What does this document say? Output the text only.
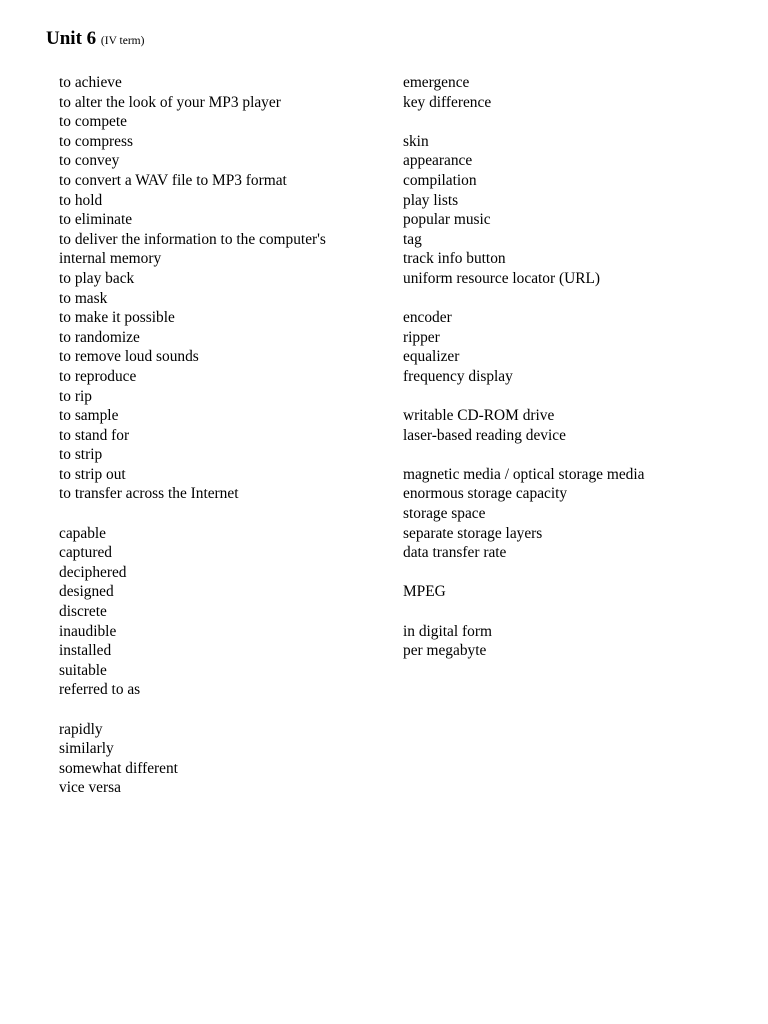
Unit 6 (IV term)
to achieve
to alter the look of your MP3 player
to compete
to compress
to convey
to convert a WAV file to MP3 format
to hold
to eliminate
to deliver the information to the computer's
internal memory
to play back
to mask
to make it possible
to randomize
to remove loud sounds
to reproduce
to rip
to sample
to stand for
to strip
to strip out
to transfer across the Internet
capable
captured
deciphered
designed
discrete
inaudible
installed
suitable
referred to as
rapidly
similarly
somewhat different
vice versa
emergence
key difference
skin
appearance
compilation
play lists
popular music
tag
track info button
uniform resource locator (URL)
encoder
ripper
equalizer
frequency display
writable CD-ROM drive
laser-based reading device
magnetic media / optical storage media
enormous storage capacity
storage space
separate storage layers
data transfer rate
MPEG
in digital form
per megabyte
